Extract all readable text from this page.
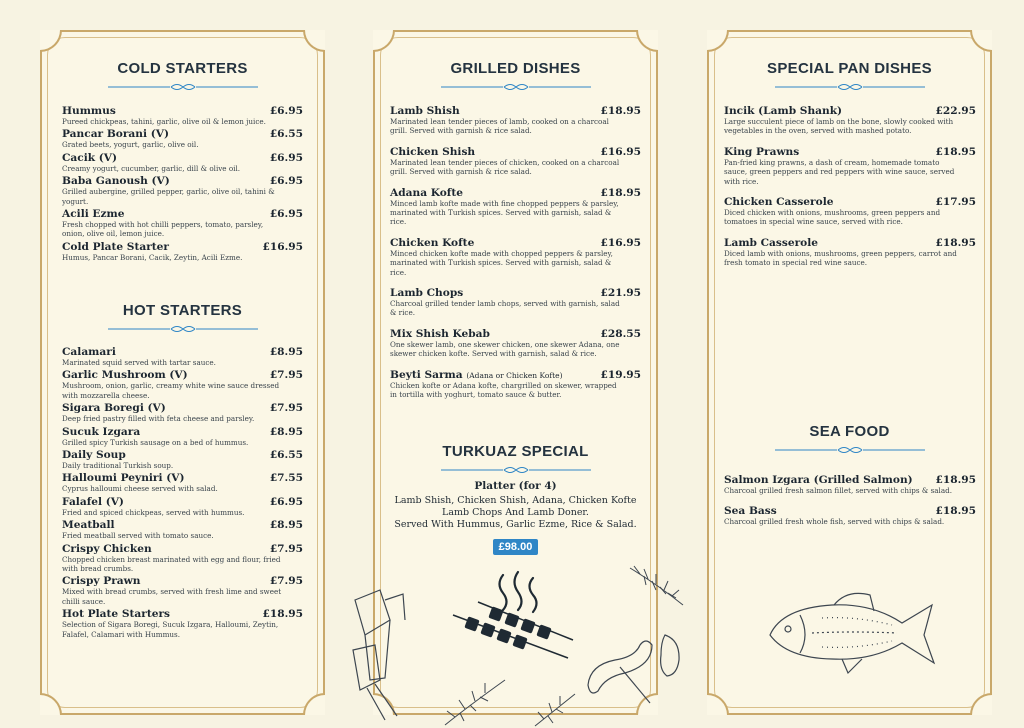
COLD STARTERS
Hummus	£6.95
Pureed chickpeas, tahini, garlic, olive oil & lemon juice.
Pancar Borani (V)	£6.55
Grated beets, yogurt, garlic, olive oil.
Cacik (V)	£6.95
Creamy yogurt, cucumber, garlic, dill & olive oil.
Baba Ganoush (V)	£6.95
Grilled aubergine, grilled pepper, garlic, olive oil, tahini & yogurt.
Acili Ezme	£6.95
Fresh chopped with hot chilli peppers, tomato, parsley, onion, olive oil, lemon juice.
Cold Plate Starter	£16.95
Humus, Pancar Borani, Cacik, Zeytin, Acili Ezme.
HOT STARTERS
Calamari	£8.95
Marinated squid served with tartar sauce.
Garlic Mushroom (V)	£7.95
Mushroom, onion, garlic, creamy white wine sauce dressed with mozzarella cheese.
Sigara Boregi (V)	£7.95
Deep fried pastry filled with feta cheese and parsley.
Sucuk Izgara	£8.95
Grilled spicy Turkish sausage on a bed of hummus.
Daily Soup	£6.55
Daily traditional Turkish soup.
Halloumi Peyniri (V)	£7.55
Cyprus halloumi cheese served with salad.
Falafel (V)	£6.95
Fried and spiced chickpeas, served with hummus.
Meatball	£8.95
Fried meatball served with tomato sauce.
Crispy Chicken	£7.95
Chopped chicken breast marinated with egg and flour, fried with bread crumbs.
Crispy Prawn	£7.95
Mixed with bread crumbs, served with fresh lime and sweet chilli sauce.
Hot Plate Starters	£18.95
Selection of Sigara Boregi, Sucuk Izgara, Halloumi, Zeytin, Falafel, Calamari with Hummus.
GRILLED DISHES
Lamb Shish	£18.95
Marinated lean tender pieces of lamb, cooked on a charcoal grill. Served with garnish & rice salad.
Chicken Shish	£16.95
Marinated lean tender pieces of chicken, cooked on a charcoal grill. Served with garnish & rice salad.
Adana Kofte	£18.95
Minced lamb kofte made with fine chopped peppers & parsley, marinated with Turkish spices. Served with garnish, salad & rice.
Chicken Kofte	£16.95
Minced chicken kofte made with chopped peppers & parsley, marinated with Turkish spices. Served with garnish, salad & rice.
Lamb Chops	£21.95
Charcoal grilled tender lamb chops, served with garnish, salad & rice.
Mix Shish Kebab	£28.55
One skewer lamb, one skewer chicken, one skewer Adana, one skewer chicken kofte. Served with garnish, salad & rice.
Beyti Sarma (Adana or Chicken Kofte)	£19.95
Chicken kofte or Adana kofte, chargrilled on skewer, wrapped in tortilla with yoghurt, tomato sauce & butter.
TURKUAZ SPECIAL
Platter (for 4)
Lamb Shish, Chicken Shish, Adana, Chicken Kofte
Lamb Chops And Lamb Doner.
Served With Hummus, Garlic Ezme, Rice & Salad.
£98.00
SPECIAL PAN DISHES
Incik (Lamb Shank)	£22.95
Large succulent piece of lamb on the bone, slowly cooked with vegetables in the oven, served with mashed potato.
King Prawns	£18.95
Pan-fried king prawns, a dash of cream, homemade tomato sauce, green peppers and red peppers with wine sauce, served with rice.
Chicken Casserole	£17.95
Diced chicken with onions, mushrooms, green peppers and tomatoes in special wine sauce, served with rice.
Lamb Casserole	£18.95
Diced lamb with onions, mushrooms, green peppers, carrot and fresh tomato in special red wine sauce.
SEA FOOD
Salmon Izgara (Grilled Salmon)	£18.95
Charcoal grilled fresh salmon fillet, served with chips & salad.
Sea Bass	£18.95
Charcoal grilled fresh whole fish, served with chips & salad.
